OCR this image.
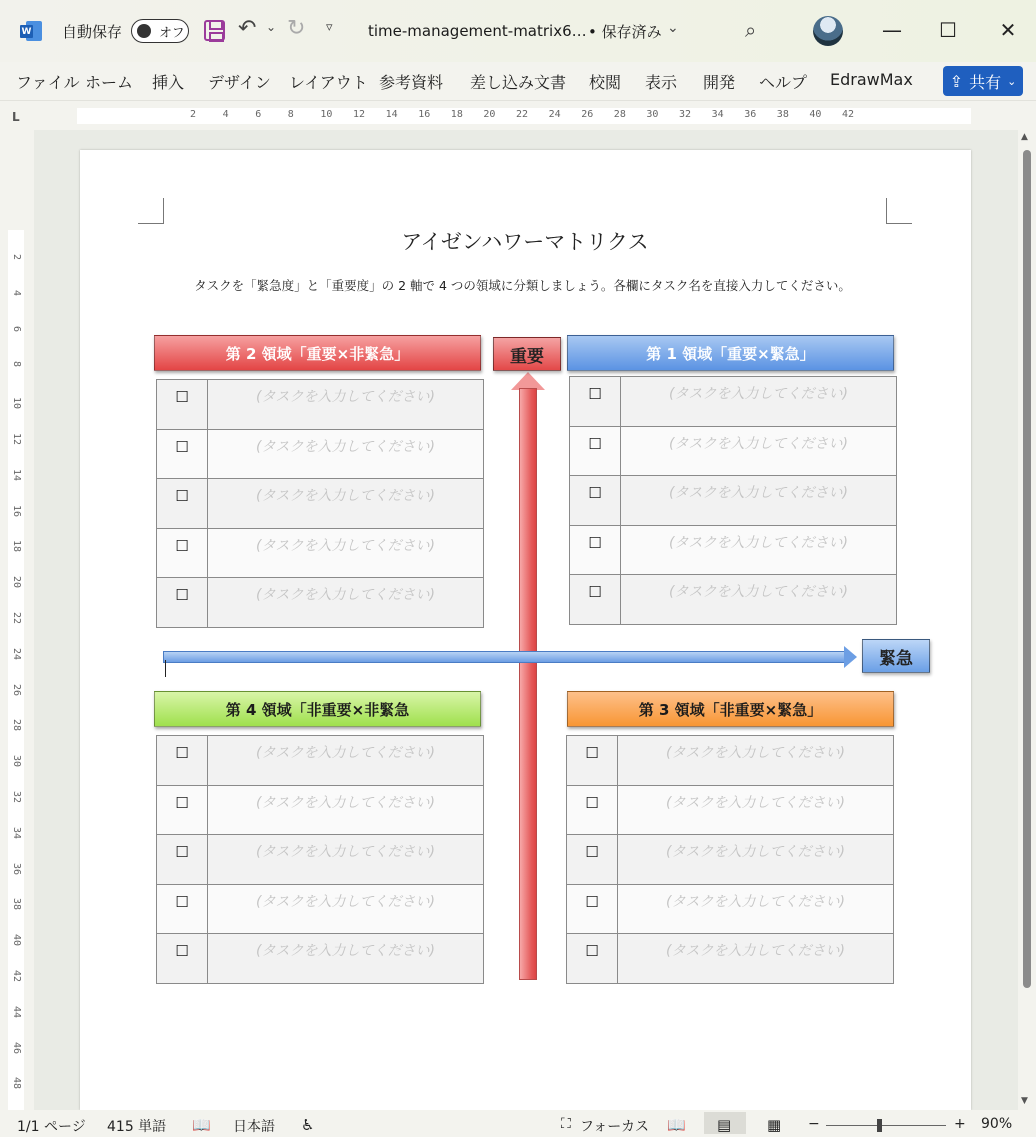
W 自動保存	オフ ↶ ⌄ ↻ ▿ time-management-matrix6… • 保存済み ⌄	⌕	—	☐	✕
ファイル ホーム 挿入 デザイン レイアウト 参考資料 差し込み文書 校閲 表示 開発 ヘルプ EdrawMax ⇪ 共有 ⌄
L	2	4	6	8	10 12 14 16 18 20 22 24 26 28 30 32 34 36 38 40 42
2
4
6
8
10
12
14
16
18
20
22
24
26
28
30
32
34
36
38
40
42
44
46
48
アイゼンハワーマトリクス
タスクを「緊急度」と「重要度」の 2 軸で 4 つの領域に分類しましょう。各欄にタスク名を直接入力してください。
第 2 領域「重要×非緊急」	第 1 領域「重要×緊急」
第 4 領域「非重要×非緊急	第 3 領域「非重要×緊急」
☐	(タスクを入力してください)
☐	(タスクを入力してください)
☐	(タスクを入力してください)
☐	(タスクを入力してください)
☐	(タスクを入力してください)
☐	(タスクを入力してください)
☐	(タスクを入力してください)
☐	(タスクを入力してください)
☐	(タスクを入力してください)
☐	(タスクを入力してください)
☐	(タスクを入力してください)
☐	(タスクを入力してください)
☐	(タスクを入力してください)
☐	(タスクを入力してください)
☐	(タスクを入力してください)
☐	(タスクを入力してください)
☐	(タスクを入力してください)
☐	(タスクを入力してください)
☐	(タスクを入力してください)
☐	(タスクを入力してください)
重要
緊急
▲
▼
1/1 ページ 415 単語 📖 日本語 ♿	⛶ フォーカス 📖 ▤ ▦ −	+ 90%
